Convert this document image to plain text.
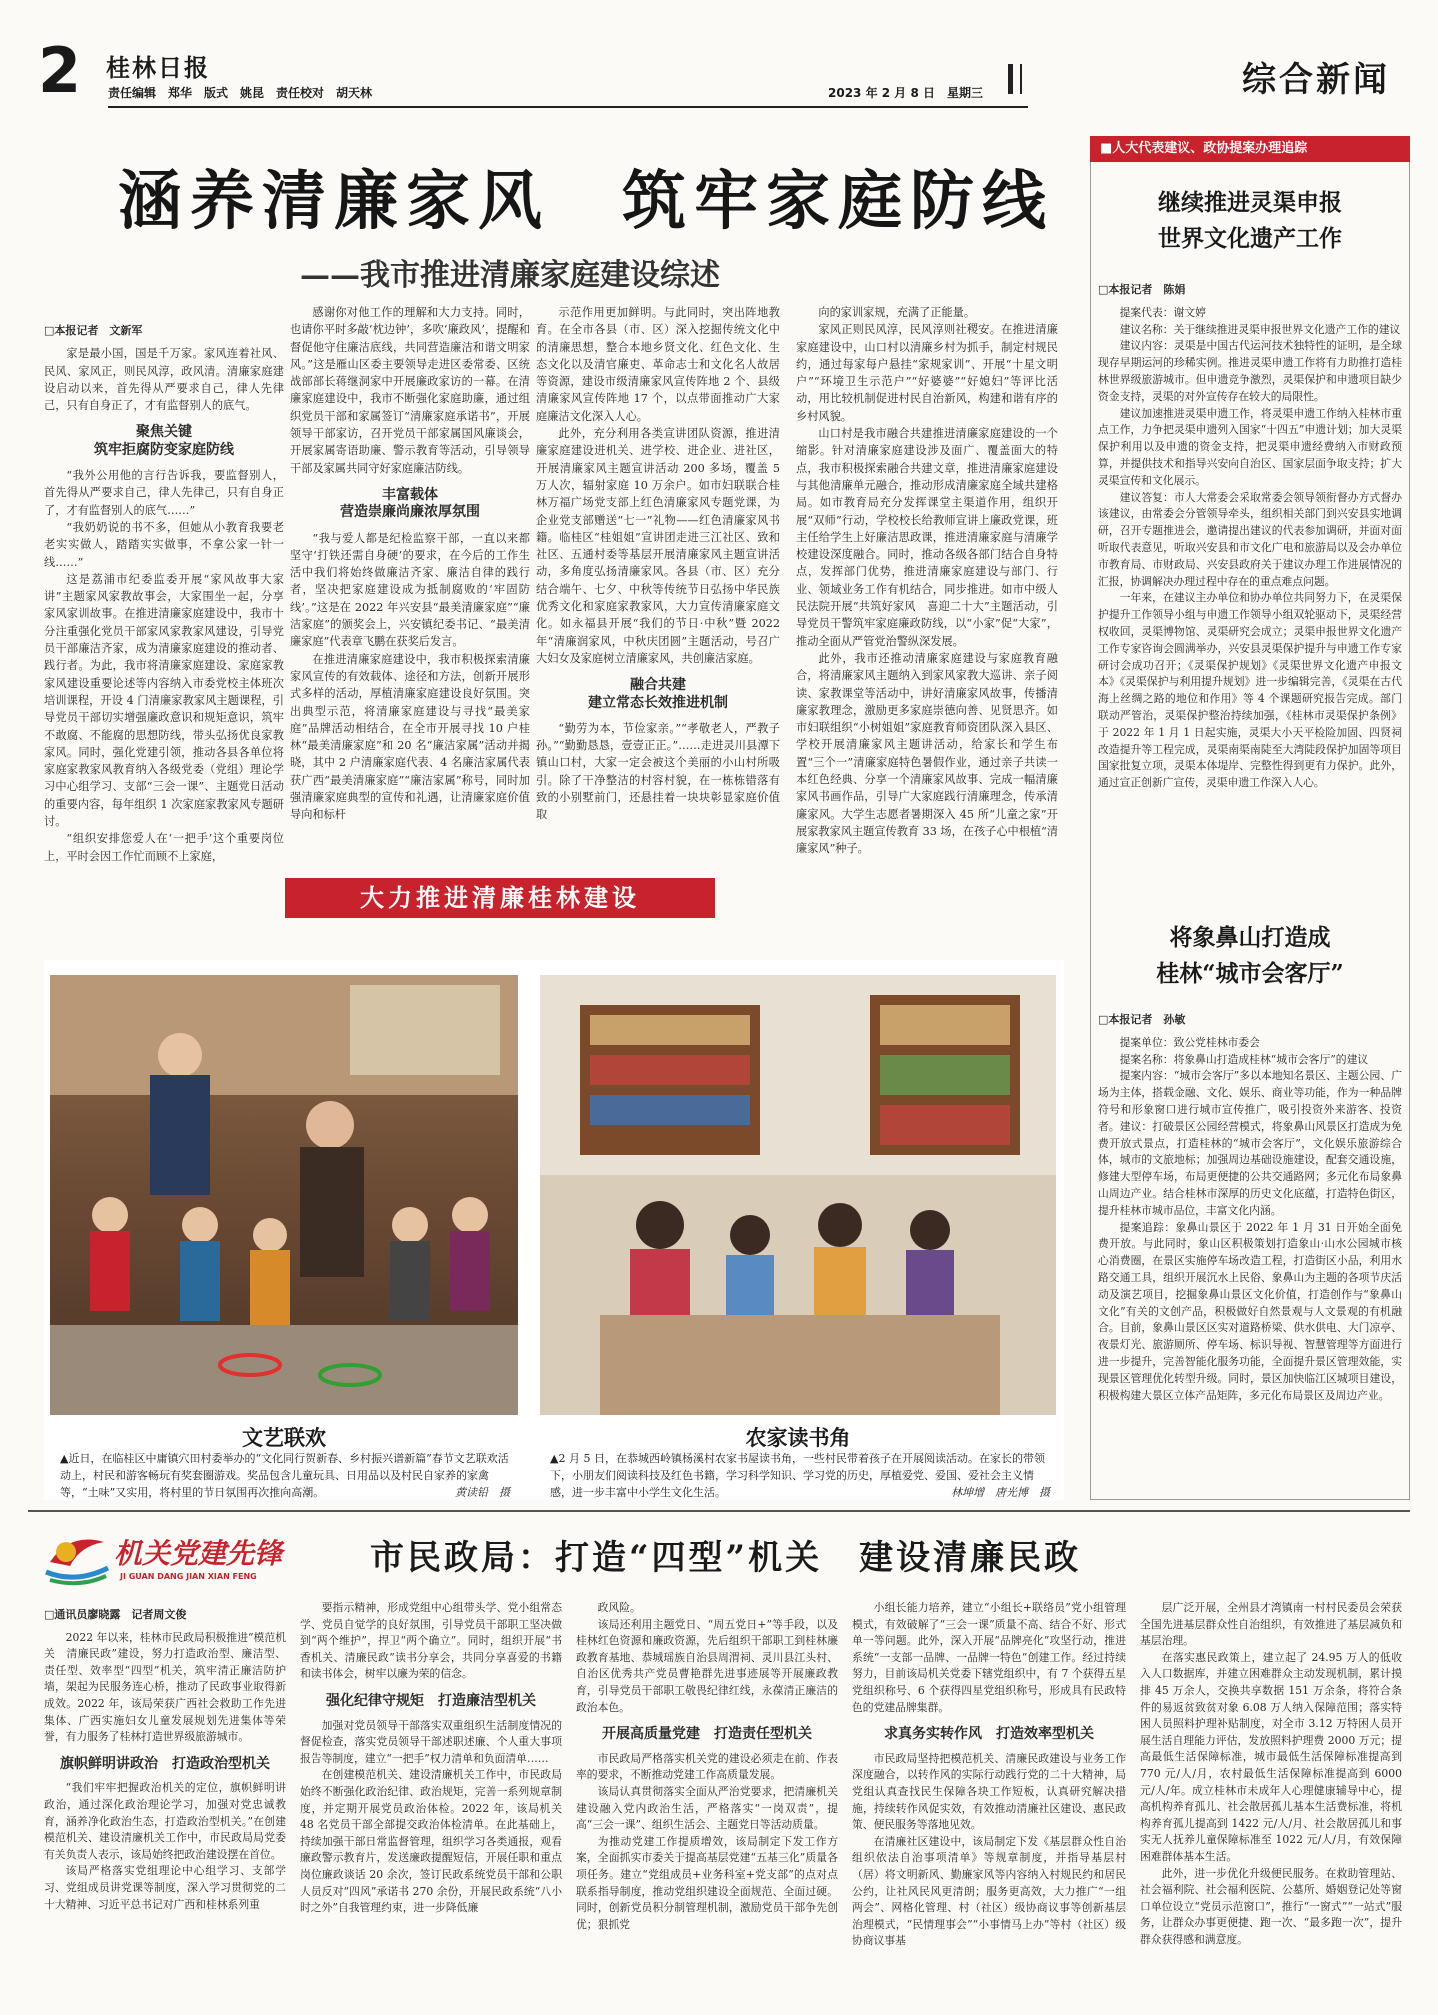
2 桂林日报
责任编辑　郑华　版式　姚昆　责任校对　胡天林	2023 年 2 月 8 日　星期三	综合新闻
涵养清廉家风　筑牢家庭防线
——我市推进清廉家庭建设综述
□本报记者　文新军

家是最小国，国是千万家。家风连着社风、民风、家风正，则民风淳，政风清。清廉家庭建设启动以来，首先得从严要求自己，律人先律己，只有自身正了，才有监督别人的底气。

聚焦关键
筑牢拒腐防变家庭防线

“我外公用他的言行告诉我，要监督别人，首先得从严要求自己，律人先律己，只有自身正了，才有监督别人的底气……”

“我奶奶说的书不多，但她从小教育我要老老实实做人，踏踏实实做事，不拿公家一针一线……”

这是荔浦市纪委监委开展“家风故事大家讲”主题家风家教故事会，大家围坐一起，分享家风家训故事。在推进清廉家庭建设中，我市十分注重强化党员干部家风家教家风建设，引导党员干部廉洁齐家，成为清廉家庭建设的推动者、践行者。为此，我市将清廉家庭建设、家庭家教家风建设重要论述等内容纳入市委党校主体班次培训课程，开设 4 门清廉家教家风主题课程，引导党员干部切实增强廉政意识和规矩意识，筑牢不敢腐、不能腐的思想防线，带头弘扬优良家教家风。同时，强化党建引领，推动各县各单位将家庭家教家风教育纳入各级党委（党组）理论学习中心组学习、支部“三会一课”、主题党日活动的重要内容，每年组织 1 次家庭家教家风专题研讨。

“组织安排您爱人在‘一把手’这个重要岗位上，平时会因工作忙而顾不上家庭，

感谢你对他工作的理解和大力支持。同时，也请你平时多敲‘枕边钟’，多吹‘廉政风’，提醒和督促他守住廉洁底线，共同营造廉洁和谐文明家风。”这是雁山区委主要领导走进区委常委、区统战部部长蒋继洞家中开展廉政家访的一幕。在清廉家庭建设中，我市不断强化家庭助廉，通过组织党员干部和家属签订“清廉家庭承诺书”，开展领导干部家访，召开党员干部家属国风廉谈会，开展家属寄语助廉、警示教育等活动，引导领导干部及家属共同守好家庭廉洁防线。

丰富载体
营造崇廉尚廉浓厚氛围

“我与爱人都是纪检监察干部，一直以来都坚守‘打铁还需自身硬’的要求，在今后的工作生活中我们将始终做廉洁齐家、廉洁自律的践行者，坚决把家庭建设成为抵制腐败的‘牢固防线’。”这是在 2022 年兴安县“最美清廉家庭”“廉洁家庭”的颁奖会上，兴安镇纪委书记、“最美清廉家庭”代表章飞鹏在获奖后发言。

在推进清廉家庭建设中，我市积极探索清廉家风宣传的有效载体、途径和方法，创新开展形式多样的活动，厚植清廉家庭建设良好氛围。突出典型示范，将清廉家庭建设与寻找“最美家庭”品牌活动相结合，在全市开展寻找 10 户桂林“最美清廉家庭”和 20 名“廉洁家属”活动并揭晓，其中 2 户清廉家庭代表、4 名廉洁家属代表获广西“最美清廉家庭”“廉洁家属”称号，同时加强清廉家庭典型的宣传和礼遇，让清廉家庭价值导向和标杆

示范作用更加鲜明。与此同时，突出阵地教育。在全市各县（市、区）深入挖掘传统文化中的清廉思想，整合本地乡贤文化、红色文化、生态文化以及清官廉吏、革命志士和文化名人故居等资源，建设市级清廉家风宣传阵地 2 个、县级清廉家风宣传阵地 17 个，以点带面推动广大家庭廉洁文化深入人心。

此外，充分利用各类宣讲团队资源，推进清廉家庭建设进机关、进学校、进企业、进社区，开展清廉家风主题宣讲活动 200 多场，覆盖 5 万人次，辐射家庭 10 万余户。如市妇联联合桂林万福广场党支部上红色清廉家风专题党课，为企业党支部赠送“七一”礼物——红色清廉家风书籍。临桂区“桂姐姐”宣讲团走进三江社区、致和社区、五通村委等基层开展清廉家风主题宣讲活动，多角度弘扬清廉家风。各县（市、区）充分结合端午、七夕、中秋等传统节日弘扬中华民族优秀文化和家庭家教家风，大力宣传清廉家庭文化。如永福县开展“我们的节日·中秋”暨 2022 年“清廉润家风，中秋庆团圆”主题活动，号召广大妇女及家庭树立清廉家风，共创廉洁家庭。

融合共建
建立常态长效推进机制

“勤劳为本，节俭家亲。”“孝敬老人，严教子孙。”“勤勤恳恳，壹壹正正。”……走进灵川县潭下镇山口村，大家一定会被这个美丽的小山村所吸引。除了干净整洁的村容村貌，在一栋栋错落有致的小别墅前门，还悬挂着一块块彰显家庭价值取

向的家训家规，充满了正能量。

家风正则民风淳，民风淳则社稷安。在推进清廉家庭建设中，山口村以清廉乡村为抓手，制定村规民约，通过每家每户悬挂“家规家训”、开展“十星文明户”“环境卫生示范户”“好婆婆”“好媳妇”等评比活动，用比较机制促进村民自治新风，构建和谐有序的乡村风貌。

山口村是我市融合共建推进清廉家庭建设的一个缩影。针对清廉家庭建设涉及面广、覆盖面大的特点，我市积极探索融合共建文章，推进清廉家庭建设与其他清廉单元融合，推动形成清廉家庭全域共建格局。如市教育局充分发挥课堂主渠道作用，组织开展“双师”行动，学校校长给教师宣讲上廉政党课，班主任给学生上好廉洁思政课，推进清廉家庭与清廉学校建设深度融合。同时，推动各级各部门结合自身特点，发挥部门优势，推进清廉家庭建设与部门、行业、领域业务工作有机结合，同步推进。如市中级人民法院开展“共筑好家风　喜迎二十大”主题活动，引导党员干警筑牢家庭廉政防线，以“小家”促“大家”，推动全面从严管党治警纵深发展。

此外，我市还推动清廉家庭建设与家庭教育融合，将清廉家风主题纳入到家风家教大巡讲、亲子阅读、家教课堂等活动中，讲好清廉家风故事，传播清廉家教理念，激励更多家庭崇德向善、见贤思齐。如市妇联组织“小树姐姐”家庭教育师资团队深入县区、学校开展清廉家风主题讲活动，给家长和学生布置“三个一”清廉家庭特色暑假作业，通过亲子共读一本红色经典、分享一个清廉家风故事、完成一幅清廉家风书画作品，引导广大家庭践行清廉理念，传承清廉家风。大学生志愿者暑期深入 45 所“儿童之家”开展家教家风主题宣传教育 33 场，在孩子心中根植“清廉家风”种子。

大力推进清廉桂林建设
文艺联欢
▲近日，在临桂区中庸镇穴田村委举办的“文化同行贺新春、乡村振兴谱新篇”春节文艺联欢活动上，村民和游客畅玩有奖套圈游戏。奖品包含儿童玩具、日用品以及村民自家养的家禽等，“土味”又实用，将村里的节日氛围再次推向高潮。	黄读铅　摄
农家读书角
▲2 月 5 日，在恭城西岭镇杨溪村农家书屋读书角，一些村民带着孩子在开展阅读活动。在家长的带领下，小朋友们阅读科技及红色书籍，学习科学知识、学习党的历史，厚植爱党、爱国、爱社会主义情感，进一步丰富中小学生文化生活。	林坤增　唐光博　摄
■人大代表建议、政协提案办理追踪
继续推进灵渠申报
世界文化遗产工作
□本报记者　陈娟

提案代表：谢文婷

建议名称：关于继续推进灵渠申报世界文化遗产工作的建议

建议内容：灵渠是中国古代运河技术独特性的证明，是全球现存早期运河的珍稀实例。推进灵渠申遗工作将有力助推打造桂林世界级旅游城市。但申遗竞争激烈，灵渠保护和申遗项目缺少资金支持，灵渠的对外宣传存在较大的局限性。

建议加速推进灵渠申遗工作，将灵渠申遗工作纳入桂林市重点工作，力争把灵渠申遗列入国家“十四五”申遗计划；加大灵渠保护利用以及申遗的资金支持，把灵渠申遗经费纳入市财政预算，并提供技术和指导兴安向自治区、国家层面争取支持；扩大灵渠宣传和文化展示。

建议答复：市人大常委会采取常委会领导领衔督办方式督办该建议，由常委会分管领导牵头，组织相关部门到兴安县实地调研，召开专题推进会，邀请提出建议的代表参加调研，并面对面听取代表意见，听取兴安县和市文化广电和旅游局以及会办单位市教育局、市财政局、兴安县政府关于建议办理工作进展情况的汇报，协调解决办理过程中存在的重点难点问题。

一年来，在建议主办单位和协办单位共同努力下，在灵渠保护提升工作领导小组与申遗工作领导小组双轮驱动下，灵渠经营权收回，灵渠博物馆、灵渠研究会成立；灵渠申报世界文化遗产工作专家咨询会圆满举办，兴安县灵渠保护提升与申遗工作专家研讨会成功召开；《灵渠保护规划》《灵渠世界文化遗产申报文本》《灵渠保护与利用提升规划》进一步编辑完善，《灵渠在古代海上丝绸之路的地位和作用》等 4 个课题研究报告完成。部门联动严管治，灵渠保护整治持续加强，《桂林市灵渠保护条例》于 2022 年 1 月 1 日起实施，灵渠大小天平检险加固、四贤祠改造提升等工程完成，灵渠南渠南陡至大湾陡段保护加固等项目国家批复立项，灵渠本体堤岸、完整性得到更有力保护。此外，通过宣正创新广宣传，灵渠申遗工作深入人心。

将象鼻山打造成
桂林“城市会客厅”
□本报记者　孙敏

提案单位：致公党桂林市委会

提案名称：将象鼻山打造成桂林“城市会客厅”的建议

提案内容：“城市会客厅”多以本地知名景区、主题公园、广场为主体，搭载金融、文化、娱乐、商业等功能，作为一种品牌符号和形象窗口进行城市宣传推广，吸引投资外来游客、投资者。建议：打破景区公园经营模式，将象鼻山风景区打造成为免费开放式景点，打造桂林的“城市会客厅”，文化娱乐旅游综合体，城市的文旅地标；加强周边基础设施建设，配套交通设施，修建大型停车场，布局更便捷的公共交通路网；多元化布局象鼻山周边产业。结合桂林市深厚的历史文化底蕴，打造特色街区，提升桂林市城市品位，丰富文化内涵。

提案追踪：象鼻山景区于 2022 年 1 月 31 日开始全面免费开放。与此同时，象山区积极策划打造象山·山水公园城市核心消费圈，在景区实施停车场改造工程，打造街区小品，利用水路交通工具，组织开展沉水上民俗、象鼻山为主题的各项节庆活动及演艺项目，挖掘象鼻山景区文化价值，打造创作与“象鼻山文化”有关的文创产品，积极做好自然景观与人文景观的有机融合。目前，象鼻山景区区实对道路桥梁、供水供电、大门凉亭、夜景灯光、旅游厕所、停车场、标识导视、智慧管理等方面进行进一步提升，完善智能化服务功能，全面提升景区管理效能，实现景区管理优化转型升级。同时，景区加快临江区城项目建设，积极构建大景区立体产品矩阵，多元化布局景区及周边产业。

机关党建先锋
JI GUAN DANG JIAN XIAN FENG	市民政局：打造“四型”机关　建设清廉民政
□通讯员廖晓露　记者周文俊

2022 年以来，桂林市民政局积极推进“模范机关　清廉民政”建设，努力打造政治型、廉洁型、责任型、效率型“四型”机关，筑牢清正廉洁防护墙，架起为民服务连心桥，推动了民政事业取得新成效。2022 年，该局荣获广西社会救助工作先进集体、广西实施妇女儿童发展规划先进集体等荣誉，有力服务了桂林打造世界级旅游城市。

旗帜鲜明讲政治　打造政治型机关

“我们牢牢把握政治机关的定位，旗帜鲜明讲政治，通过深化政治理论学习，加强对党忠诚教育，涵养净化政治生态，打造政治型机关。”在创建模范机关、建设清廉机关工作中，市民政局局党委有关负责人表示，该局始终把政治建设摆在首位。

该局严格落实党组理论中心组学习、支部学习、党组成员讲党课等制度，深入学习贯彻党的二十大精神、习近平总书记对广西和桂林系列重

要指示精神，形成党组中心组带头学、党小组常态学、党员自觉学的良好氛围，引导党员干部职工坚决做到“两个维护”，捍卫“两个确立”。同时，组织开展“书香机关、清廉民政”读书分享会，共同分享喜爱的书籍和读书体会，树牢以廉为荣的信念。

强化纪律守规矩　打造廉洁型机关

加强对党员领导干部落实双重组织生活制度情况的督促检查，落实党员领导干部述职述廉、个人重大事项报告等制度，建立“一把手”权力清单和负面清单……

在创建模范机关、建设清廉机关工作中，市民政局始终不断强化政治纪律、政治规矩，完善一系列规章制度，并定期开展党员政治体检。2022 年，该局机关 48 名党员干部全部提交政治体检清单。在此基础上，持续加强干部日常监督管理，组织学习各类通报，观看廉政警示教育片，发送廉政提醒短信，开展任职和重点岗位廉政谈话 20 余次，签订民政系统党员干部和公职人员反对“四风”承诺书 270 余份，开展民政系统“八小时之外”自我管理约束，进一步降低廉

政风险。

该局还利用主题党日、“周五党日+”等手段，以及桂林红色资源和廉政资源，先后组织干部职工到桂林廉政教育基地、恭城瑶族自治县周渭祠、灵川县江头村、自治区优秀共产党员曹艳群先进事迹展等开展廉政教育，引导党员干部职工敬畏纪律红线，永葆清正廉洁的政治本色。

开展高质量党建　打造责任型机关

市民政局严格落实机关党的建设必须走在前、作表率的要求，不断推动党建工作高质量发展。

该局认真贯彻落实全面从严治党要求，把清廉机关建设融入党内政治生活，严格落实“一岗双责”，提高“三会一课”、组织生活会、主题党日等活动质量。

为推动党建工作提质增效，该局制定下发工作方案，全面抓实市委关于提高基层党建“五基三化”质量各项任务。建立“党组成员+业务科室+党支部”的点对点联系指导制度，推动党组织建设全面规范、全面过硬。同时，创新党员积分制管理机制，激励党员干部争先创优；狠抓党

小组长能力培养，建立“小组长+联络员”党小组管理模式，有效破解了“三会一课”质量不高、结合不好、形式单一等问题。此外，深入开展“品牌亮化”攻坚行动，推进系统“一支部一品牌、一品牌一特色”创建工作。经过持续努力，目前该局机关党委下辖党组织中，有 7 个获得五星党组织称号、6 个获得四星党组织称号，形成具有民政特色的党建品牌集群。

求真务实转作风　打造效率型机关

市民政局坚持把模范机关、清廉民政建设与业务工作深度融合，以转作风的实际行动践行党的二十大精神，局党组认真查找民生保障各块工作短板，认真研究解决措施，持续转作风促实效，有效推动清廉社区建设、惠民政策、便民服务等落地见效。

在清廉社区建设中，该局制定下发《基层群众性自治组织依法自治事项清单》等规章制度，并指导基层村（居）将文明新风、勤廉家风等内容纳入村规民约和居民公约，让社风民风更清朗；服务更高效，大力推广“一组两会”、网格化管理、村（社区）级协商议事等创新基层治理模式，“民情理事会”“小事情马上办”等村（社区）级协商议事基

层广泛开展，全州县才湾镇南一村村民委员会荣获全国先进基层群众性自治组织，有效推进了基层减负和基层治理。

在落实惠民政策上，建立起了 24.95 万人的低收入人口数据库，并建立困难群众主动发现机制，累计摸排 45 万余人，交换共享数据 151 万余条，将符合条件的易返贫致贫对象 6.08 万人纳入保障范围；落实特困人员照料护理补贴制度，对全市 3.12 万特困人员开展生活自理能力评估，发放照料护理费 2000 万元；提高最低生活保障标准，城市最低生活保障标准提高到 770 元/人/月，农村最低生活保障标准提高到 6000 元/人/年。成立桂林市未成年人心理健康辅导中心，提高机构养育孤儿、社会散居孤儿基本生活费标准，将机构养育孤儿提高到 1422 元/人/月、社会散居孤儿和事实无人抚养儿童保障标准至 1022 元/人/月，有效保障困难群体基本生活。

此外，进一步优化升级便民服务。在救助管理站、社会福利院、社会福利医院、公墓所、婚姻登记处等窗口单位设立“党员示范窗口”，推行“一窗式”“一站式”服务，让群众办事更便捷、跑一次、“最多跑一次”，提升群众获得感和满意度。
